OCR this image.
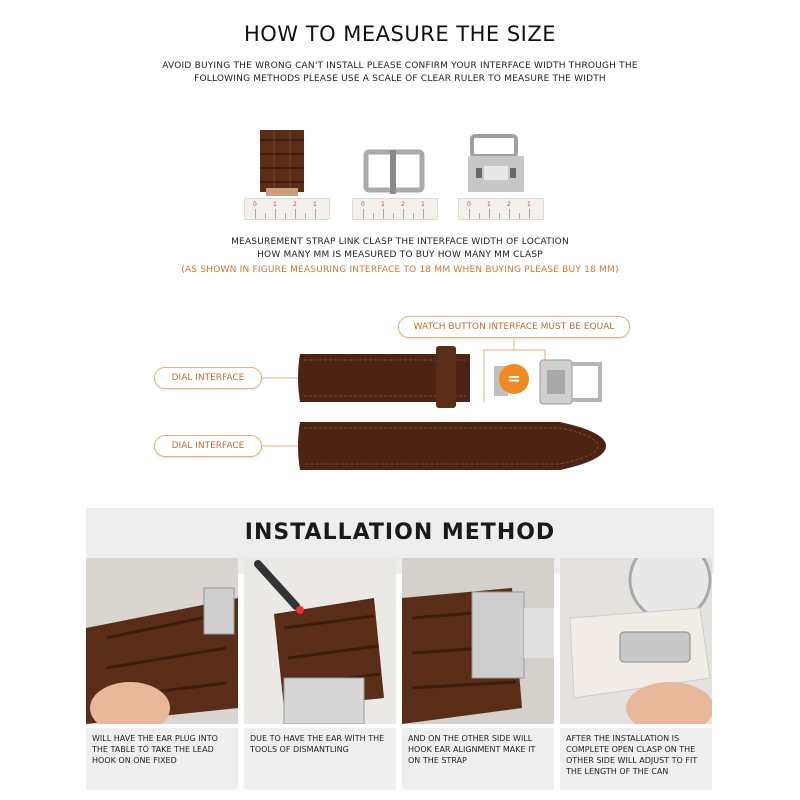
HOW TO MEASURE THE SIZE
AVOID BUYING THE WRONG CAN'T INSTALL PLEASE CONFIRM YOUR INTERFACE WIDTH THROUGH THE
FOLLOWING METHODS PLEASE USE A SCALE OF CLEAR RULER TO MEASURE THE WIDTH
0	1	2	1	0	1	2	1	0	1	2	1
MEASUREMENT STRAP LINK CLASP THE INTERFACE WIDTH OF LOCATION
HOW MANY MM IS MEASURED TO BUY HOW MANY MM CLASP
(AS SHOWN IN FIGURE MEASURING INTERFACE TO 18 MM WHEN BUYING PLEASE BUY 18 MM)
WATCH BUTTON INTERFACE MUST BE EQUAL
=
DIAL INTERFACE
DIAL INTERFACE
INSTALLATION METHOD
WILL HAVE THE EAR PLUG INTO THE TABLE TO TAKE THE LEAD HOOK ON ONE FIXED
DUE TO HAVE THE EAR WITH THE TOOLS OF DISMANTLING
AND ON THE OTHER SIDE WILL HOOK EAR ALIGNMENT MAKE IT ON THE STRAP
AFTER THE INSTALLATION IS COMPLETE OPEN CLASP ON THE OTHER SIDE WILL ADJUST TO FIT THE LENGTH OF THE CAN
